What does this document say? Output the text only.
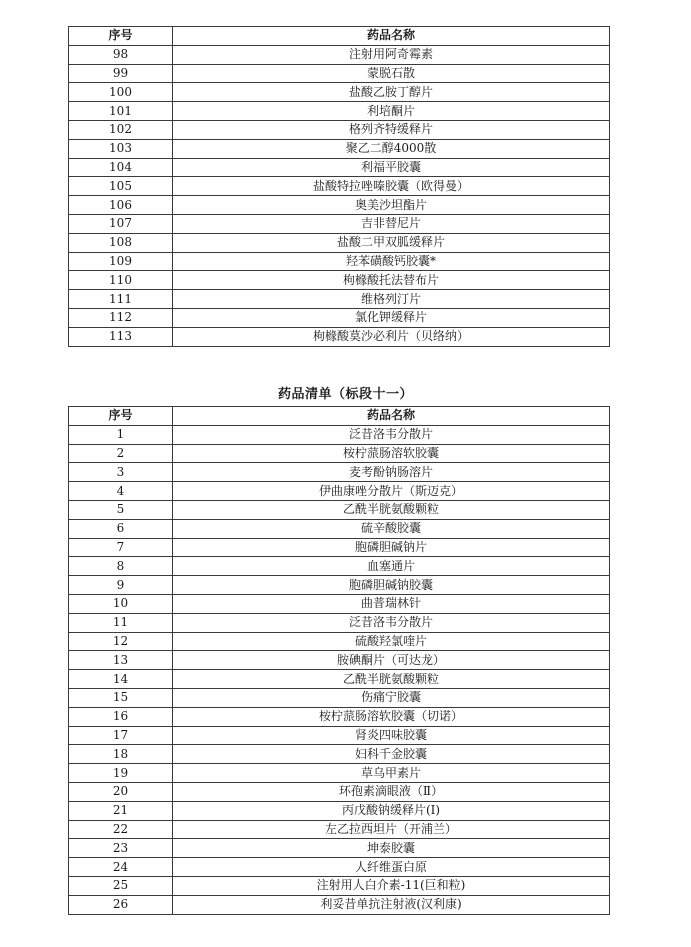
序号	药品名称
98	注射用阿奇霉素
99	蒙脱石散
100	盐酸乙胺丁醇片
101	利培酮片
102	格列齐特缓释片
103	聚乙二醇4000散
104	利福平胶囊
105	盐酸特拉唑嗪胶囊（欧得曼）
106	奥美沙坦酯片
107	吉非替尼片
108	盐酸二甲双胍缓释片
109	羟苯磺酸钙胶囊*
110	枸橼酸托法替布片
111	维格列汀片
112	氯化钾缓释片
113	枸橼酸莫沙必利片（贝络纳）
药品清单（标段十一）
序号	药品名称
1	泛昔洛韦分散片
2	桉柠蒎肠溶软胶囊
3	麦考酚钠肠溶片
4	伊曲康唑分散片（斯迈克）
5	乙酰半胱氨酸颗粒
6	硫辛酸胶囊
7	胞磷胆碱钠片
8	血塞通片
9	胞磷胆碱钠胶囊
10	曲普瑞林针
11	泛昔洛韦分散片
12	硫酸羟氯喹片
13	胺碘酮片（可达龙）
14	乙酰半胱氨酸颗粒
15	伤痛宁胶囊
16	桉柠蒎肠溶软胶囊（切诺）
17	肾炎四味胶囊
18	妇科千金胶囊
19	草乌甲素片
20	环孢素滴眼液（Ⅱ）
21	丙戊酸钠缓释片(I)
22	左乙拉西坦片（开浦兰）
23	坤泰胶囊
24	人纤维蛋白原
25	注射用人白介素-11(巨和粒)
26	利妥昔单抗注射液(汉利康)
